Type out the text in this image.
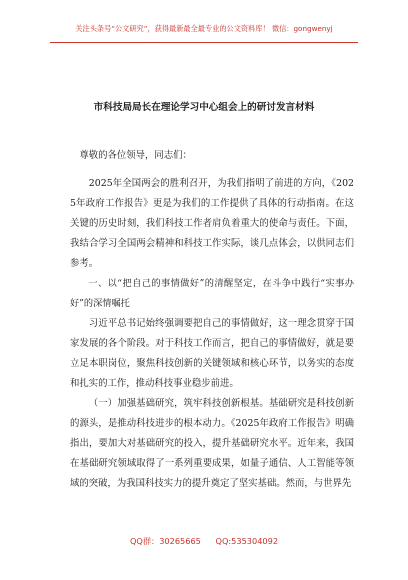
关注头条号“公文研究”，获得最新最全最专业的公文资料库！ 微信：gongwenyj
市科技局局长在理论学习中心组会上的研讨发言材料

尊敬的各位领导，同志们：

2025年全国两会的胜利召开，为我们指明了前进的方向，《2025年政府工作报告》更是为我们的工作提供了具体的行动指南。在这关键的历史时刻，我们科技工作者肩负着重大的使命与责任。下面，我结合学习全国两会精神和科技工作实际，谈几点体会，以供同志们参考。

一、以“把自己的事情做好”的清醒坚定，在斗争中践行“实事办好”的深情嘱托

习近平总书记始终强调要把自己的事情做好，这一理念贯穿于国家发展的各个阶段。对于科技工作而言，把自己的事情做好，就是要立足本职岗位，聚焦科技创新的关键领域和核心环节，以务实的态度和扎实的工作，推动科技事业稳步前进。

（一）加强基础研究，筑牢科技创新根基。基础研究是科技创新的源头，是推动科技进步的根本动力。《2025年政府工作报告》明确指出，要加大对基础研究的投入，提升基础研究水平。近年来，我国在基础研究领域取得了一系列重要成果，如量子通信、人工智能等领域的突破，为我国科技实力的提升奠定了坚实基础。然而，与世界先

QQ群：30265665 QQ:535304092
